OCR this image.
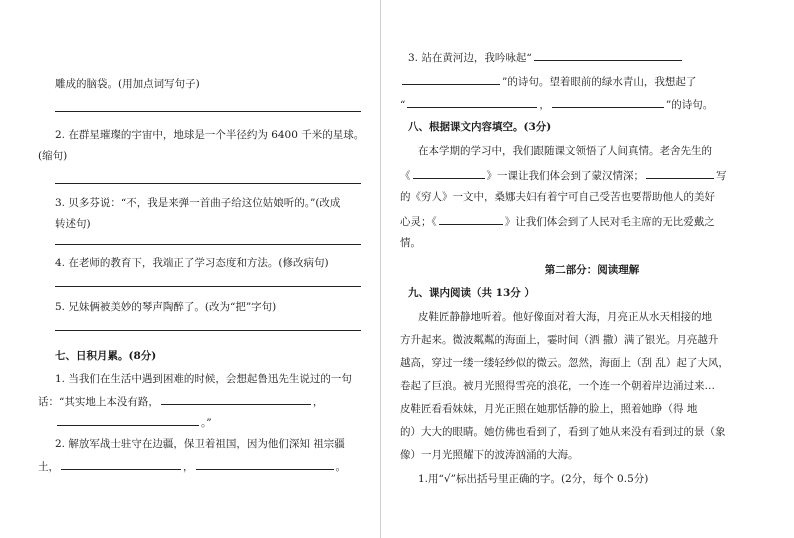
雕成的脑袋。(用加点词写句子)
2. 在群星璀璨的宇宙中，地球是一个半径约为 6400 千米的星球。
(缩句)
3. 贝多芬说：“不，我是来弹一首曲子给这位姑娘听的。”(改成
转述句)
4. 在老师的教育下，我端正了学习态度和方法。(修改病句)
5. 兄妹俩被美妙的琴声陶醉了。(改为“把”字句)
七、日积月累。(8分)
1. 当我们在生活中遇到困难的时候，会想起鲁迅先生说过的一句
话：“其实地上本没有路，	，
。”
2. 解放军战士驻守在边疆，保卫着祖国，因为他们深知 祖宗疆
土，	，	。
3. 站在黄河边，我吟咏起“
”的诗句。望着眼前的绿水青山，我想起了
“	，	”的诗句。
八、根据课文内容填空。(3分)
在本学期的学习中，我们跟随课文领悟了人间真情。老舍先生的
《	》一课让我们体会到了蒙汉情深；	写
的《穷人》一文中，桑娜夫妇有着宁可自己受苦也要帮助他人的美好
心灵；《	》让我们体会到了人民对毛主席的无比爱戴之
情。
第二部分：阅读理解
九、课内阅读（共 13分 ）
皮鞋匠静静地听着。他好像面对着大海，月亮正从水天相接的地
方升起来。微波粼粼的海面上，霎时间（洒 撒）满了银光。月亮越升
越高，穿过一缕一缕轻纱似的微云。忽然，海面上（刮 乱）起了大风，
卷起了巨浪。被月光照得雪亮的浪花，一个连一个朝着岸边涌过来…
皮鞋匠看看妹妹，月光正照在她那恬静的脸上，照着她睁（得 地
的）大大的眼睛。她仿佛也看到了，看到了她从来没有看到过的景（象
像）一月光照耀下的波涛汹涌的大海。
1.用“√”标出括号里正确的字。(2分，每个 0.5分)
